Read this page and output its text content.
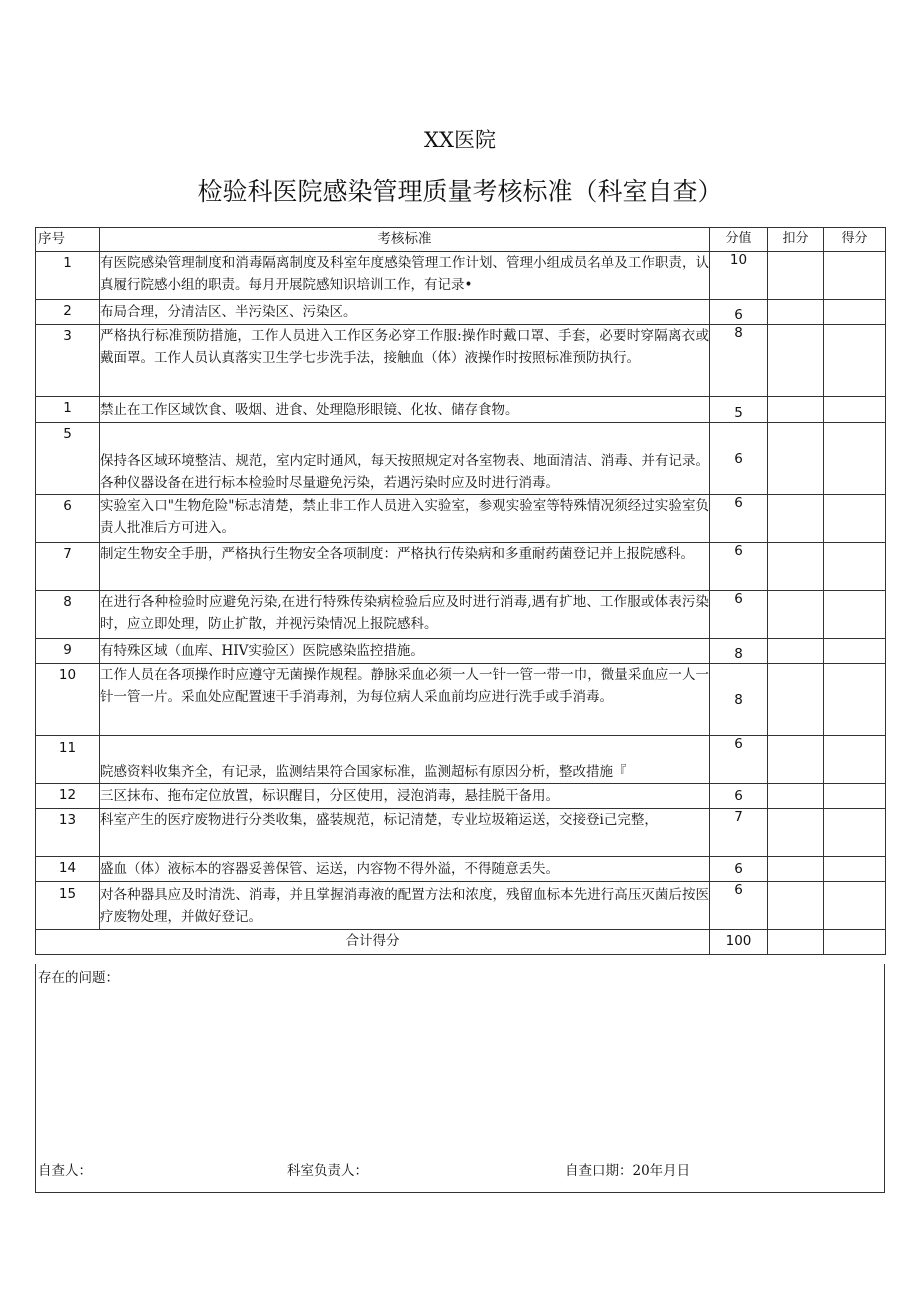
XX医院
检验科医院感染管理质量考核标准（科室自查）
序号	考核标准	分值	扣分	得分
1	有医院感染管理制度和消毒隔离制度及科室年度感染管理工作计划、管理小组成员名单及工作职责，认真履行院感小组的职责。每月开展院感知识培训工作，有记录•	10		
2	布局合理，分清洁区、半污染区、污染区。	6		
3	严格执行标准预防措施，工作人员进入工作区务必穿工作服:操作时戴口罩、手套，必要时穿隔离衣或戴面罩。工作人员认真落实卫生学七步洗手法，接触血（体）液操作时按照标准预防执行。	8		
1	禁止在工作区域饮食、吸烟、进食、处理隐形眼镜、化妆、储存食物。	5		
5	保持各区域环境整洁、规范，室内定时通风，每天按照规定对各室物表、地面清洁、消毒、并有记录。各种仪器设备在进行标本检验时尽量避免污染，若遇污染时应及时进行消毒。	6		
6	实验室入口"生物危险"标志清楚，禁止非工作人员进入实验室，参观实验室等特殊情况须经过实验室负责人批准后方可进入。	6		
7	制定生物安全手册，严格执行生物安全各项制度：严格执行传染病和多重耐药菌登记并上报院感科。	6		
8	在进行各种检验时应避免污染,在进行特殊传染病检验后应及时进行消毒,遇有扩地、工作服或体表污染时，应立即处理，防止扩散，并视污染情况上报院感科。	6		
9	有特殊区域（血库、HIV实验区）医院感染监控措施。	8		
10	工作人员在各项操作时应遵守无菌操作规程。静脉采血必须一人一针一管一带一巾，微量采血应一人一针一管一片。采血处应配置速干手消毒剂，为每位病人采血前均应进行洗手或手消毒。	8		
11	院感资料收集齐全，有记录，监测结果符合国家标准，监测超标有原因分析，整改措施『	6		
12	三区抹布、拖布定位放置，标识醒目，分区使用，浸泡消毒，悬挂脱干备用。	6		
13	科室产生的医疗废物进行分类收集，盛装规范，标记清楚，专业垃圾箱运送，交接登i己完整，	7		
14	盛血（体）液标本的容器妥善保管、运送，内容物不得外溢，不得随意丢失。	6		
15	对各种器具应及时清洗、消毒，并且掌握消毒液的配置方法和浓度，残留血标本先进行高压灭菌后按医疗废物处理，并做好登记。	6		
合计得分		100		
存在的问题：
自查人：	科室负责人：	自查口期：20年月日
